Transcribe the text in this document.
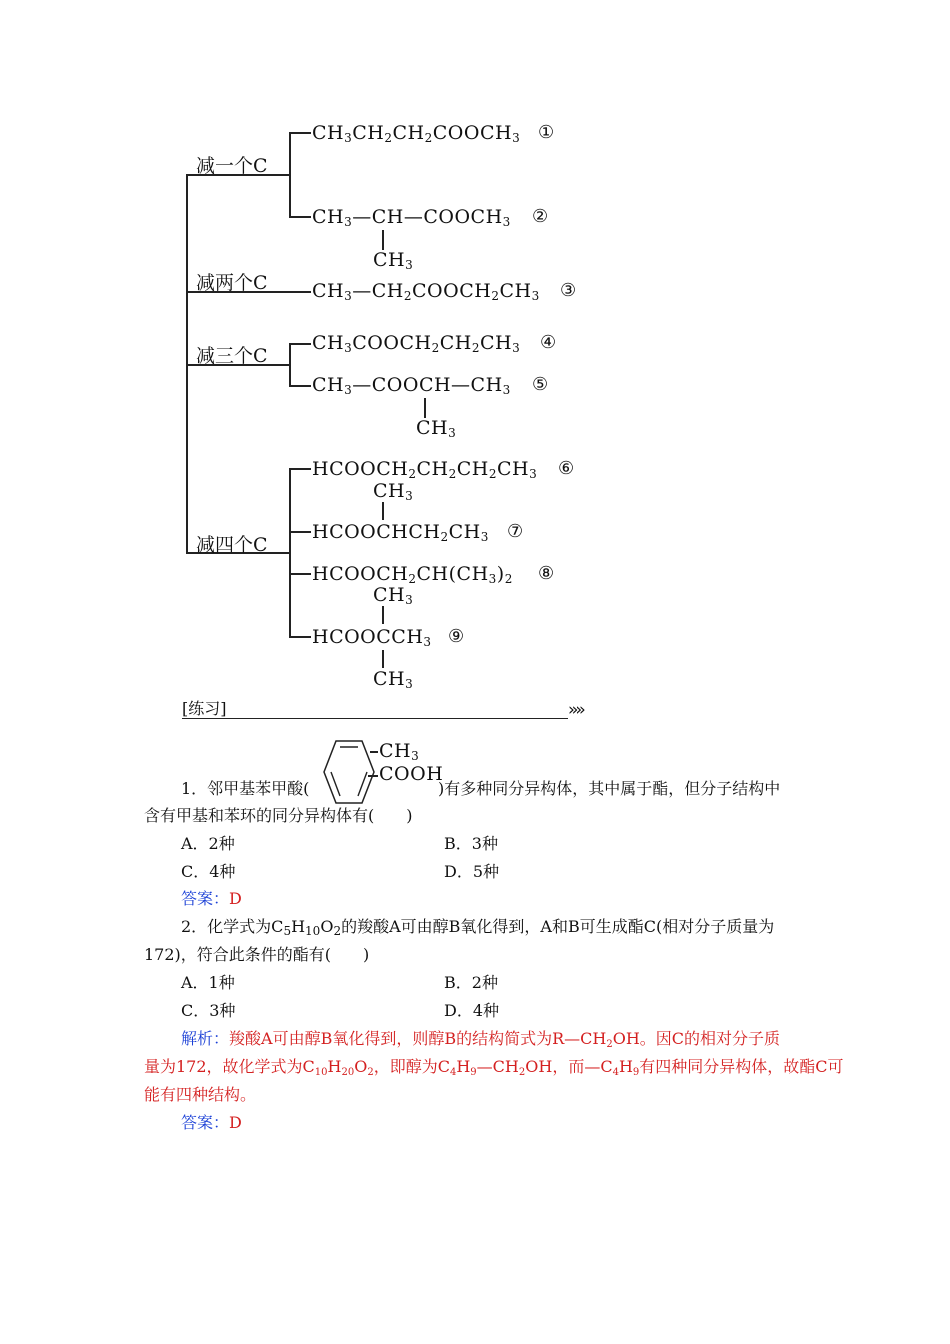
减一个C
$CH_3CH_2CH_2COOCH_3$ ①
$CH_3—CH—COOCH_3$ ②
$CH_3$
减两个C $CH_3—CH_2COOCH_2CH_3$ ③
减三个C
$CH_3COOCH_2CH_2CH_3$ ④
$CH_3—COOCH—CH_3$ ⑤
$CH_3$
减四个C
$HCOOCH_2CH_2CH_2CH_3$ ⑥
$CH_3$
$HCOOCHCH_2CH_3$ ⑦
$HCOOCH_2CH(CH_3)_2$ ⑧
$CH_3$
$HCOOCCH_3$ ⑨
$CH_3$
[练习]	»»
$CH_3$
COOH
1．邻甲基苯甲酸(	)有多种同分异构体，其中属于酯，但分子结构中
含有甲基和苯环的同分异构体有(　　)
A．2种	B．3种
C．4种	D．5种
答案：D
2．化学式为$C_5H_{10}O_2$的羧酸A可由醇B氧化得到，A和B可生成酯C(相对分子质量为
172)，符合此条件的酯有(　　)
A．1种	B．2种
C．3种	D．4种
解析：羧酸A可由醇B氧化得到，则醇B的结构简式为$R—CH_2OH$。因C的相对分子质
量为172，故化学式为$C_{10}H_{20}O_2$，即醇为$C_4H_9—CH_2OH$，而$—C_4H_9$有四种同分异构体，故酯C可
能有四种结构。
答案：D
